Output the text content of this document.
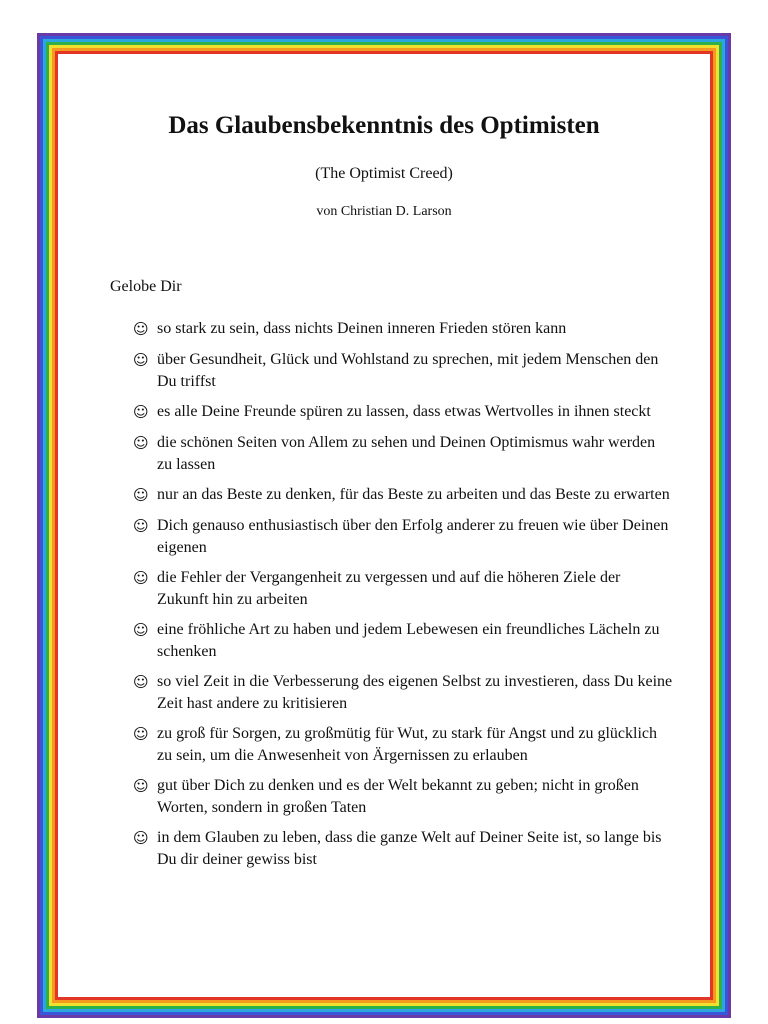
Das Glaubensbekenntnis des Optimisten
(The Optimist Creed)
von Christian D. Larson
Gelobe Dir
☺ so stark zu sein, dass nichts Deinen inneren Frieden stören kann
☺ über Gesundheit, Glück und Wohlstand zu sprechen, mit jedem Menschen den Du triffst
☺ es alle Deine Freunde spüren zu lassen, dass etwas Wertvolles in ihnen steckt
☺ die schönen Seiten von Allem zu sehen und Deinen Optimismus wahr werden zu lassen
☺ nur an das Beste zu denken, für das Beste zu arbeiten und das Beste zu erwarten
☺ Dich genauso enthusiastisch über den Erfolg anderer zu freuen wie über Deinen eigenen
☺ die Fehler der Vergangenheit zu vergessen und auf die höheren Ziele der Zukunft hin zu arbeiten
☺ eine fröhliche Art zu haben und jedem Lebewesen ein freundliches Lächeln zu schenken
☺ so viel Zeit in die Verbesserung des eigenen Selbst zu investieren, dass Du keine Zeit hast andere zu kritisieren
☺ zu groß für Sorgen, zu großmütig für Wut, zu stark für Angst und zu glücklich zu sein, um die Anwesenheit von Ärgernissen zu erlauben
☺ gut über Dich zu denken und es der Welt bekannt zu geben; nicht in großen Worten, sondern in großen Taten
☺ in dem Glauben zu leben, dass die ganze Welt auf Deiner Seite ist, so lange bis Du dir deiner gewiss bist
